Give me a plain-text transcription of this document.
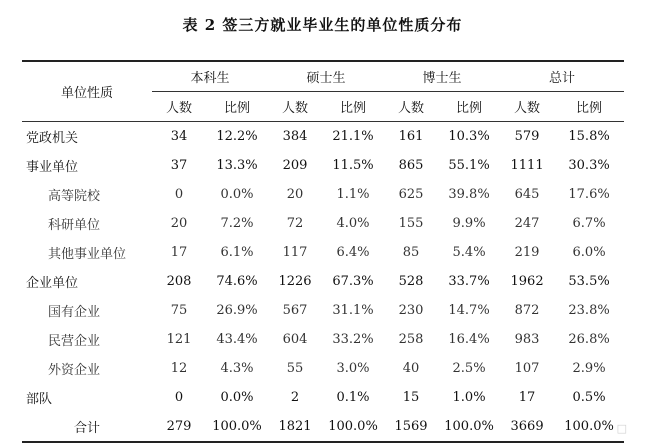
表 2 签三方就业毕业生的单位性质分布
单位性质	本科生		硕士生		博士生		总计	
	人数	比例	人数	比例	人数	比例	人数	比例
党政机关	34	12.2%	384	21.1%	161	10.3%	579	15.8%
事业单位	37	13.3%	209	11.5%	865	55.1%	1111	30.3%
高等院校	0	0.0%	20	1.1%	625	39.8%	645	17.6%
科研单位	20	7.2%	72	4.0%	155	9.9%	247	6.7%
其他事业单位	17	6.1%	117	6.4%	85	5.4%	219	6.0%
企业单位	208	74.6%	1226	67.3%	528	33.7%	1962	53.5%
国有企业	75	26.9%	567	31.1%	230	14.7%	872	23.8%
民营企业	121	43.4%	604	33.2%	258	16.4%	983	26.8%
外资企业	12	4.3%	55	3.0%	40	2.5%	107	2.9%
部队	0	0.0%	2	0.1%	15	1.0%	17	0.5%
合计	279	100.0%	1821	100.0%	1569	100.0%	3669	100.0% □
